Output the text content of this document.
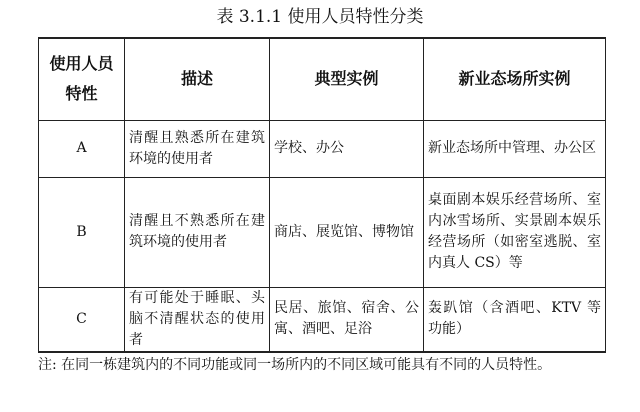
表 3.1.1 使用人员特性分类
使用人员特性	描述	典型实例	新业态场所实例
A	清醒且熟悉所在建筑环境的使用者	学校、办公	新业态场所中管理、办公区
B	清醒且不熟悉所在建筑环境的使用者	商店、展览馆、博物馆	桌面剧本娱乐经营场所、室内冰雪场所、实景剧本娱乐经营场所（如密室逃脱、室内真人 CS）等
C	有可能处于睡眠、头脑不清醒状态的使用者	民居、旅馆、宿舍、公寓、酒吧、足浴	轰趴馆（含酒吧、KTV 等功能）
注: 在同一栋建筑内的不同功能或同一场所内的不同区域可能具有不同的人员特性。
